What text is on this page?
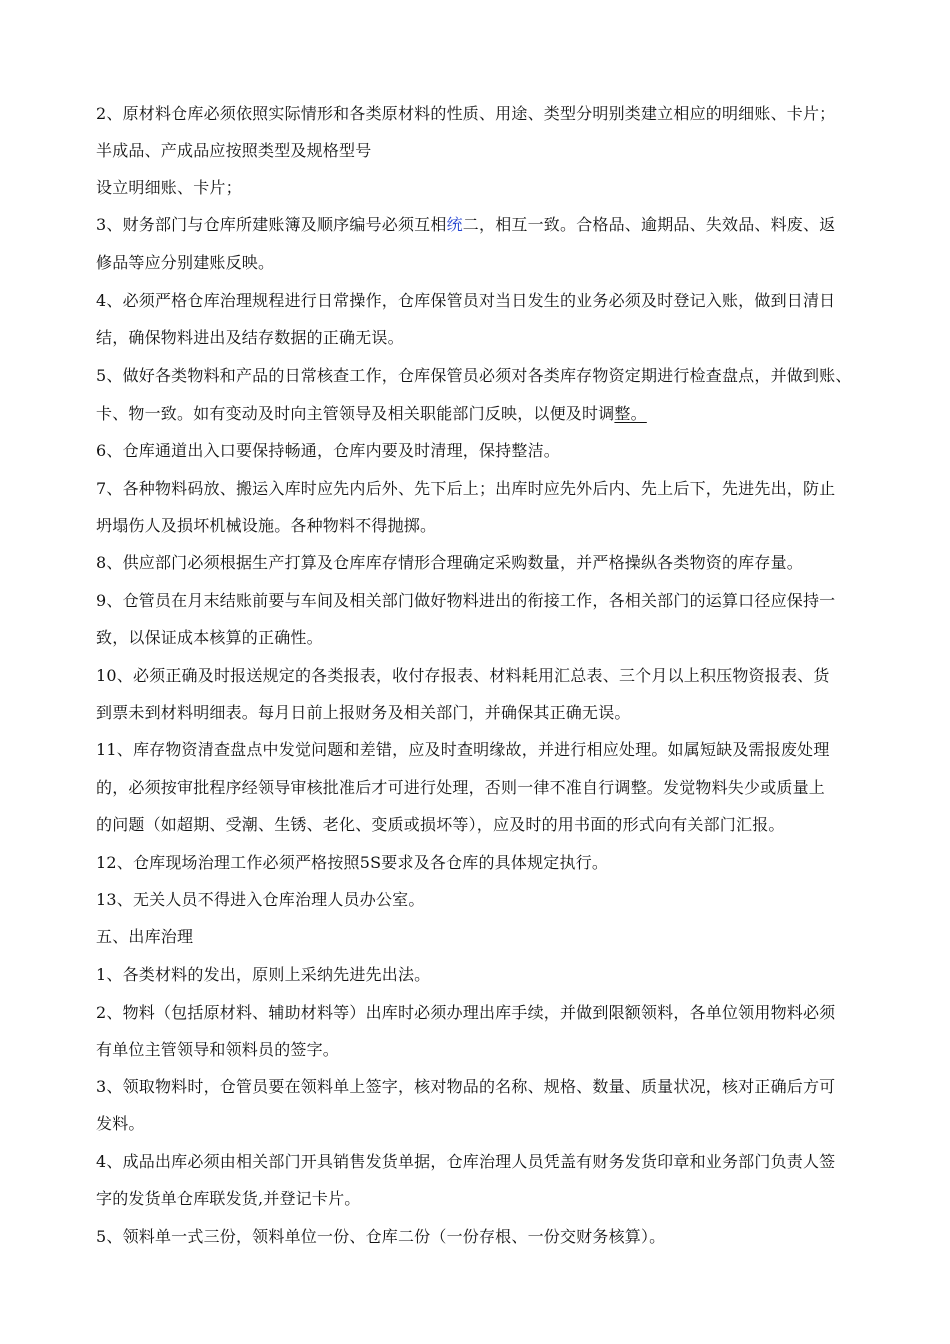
2、原材料仓库必须依照实际情形和各类原材料的性质、用途、类型分明别类建立相应的明细账、卡片；

半成品、产成品应按照类型及规格型号

设立明细账、卡片；

3、财务部门与仓库所建账簿及顺序编号必须互相统二，相互一致。合格品、逾期品、失效品、料废、返

修品等应分别建账反映。

4、必须严格仓库治理规程进行日常操作，仓库保管员对当日发生的业务必须及时登记入账，做到日清日

结，确保物料进出及结存数据的正确无误。

5、做好各类物料和产品的日常核查工作，仓库保管员必须对各类库存物资定期进行检查盘点，并做到账、

卡、物一致。如有变动及时向主管领导及相关职能部门反映，以便及时调整。

6、仓库通道出入口要保持畅通，仓库内要及时清理，保持整洁。

7、各种物料码放、搬运入库时应先内后外、先下后上；出库时应先外后内、先上后下，先进先出，防止

坍塌伤人及损坏机械设施。各种物料不得抛掷。

8、供应部门必须根据生产打算及仓库库存情形合理确定采购数量，并严格操纵各类物资的库存量。

9、仓管员在月末结账前要与车间及相关部门做好物料进出的衔接工作，各相关部门的运算口径应保持一

致，以保证成本核算的正确性。

10、必须正确及时报送规定的各类报表，收付存报表、材料耗用汇总表、三个月以上积压物资报表、货

到票未到材料明细表。每月日前上报财务及相关部门，并确保其正确无误。

11、库存物资清查盘点中发觉问题和差错，应及时查明缘故，并进行相应处理。如属短缺及需报废处理

的，必须按审批程序经领导审核批准后才可进行处理，否则一律不准自行调整。发觉物料失少或质量上

的问题（如超期、受潮、生锈、老化、变质或损坏等），应及时的用书面的形式向有关部门汇报。

12、仓库现场治理工作必须严格按照5S要求及各仓库的具体规定执行。

13、无关人员不得进入仓库治理人员办公室。

五、出库治理

1、各类材料的发出，原则上采纳先进先出法。

2、物料（包括原材料、辅助材料等）出库时必须办理出库手续，并做到限额领料，各单位领用物料必须

有单位主管领导和领料员的签字。

3、领取物料时，仓管员要在领料单上签字，核对物品的名称、规格、数量、质量状况，核对正确后方可

发料。

4、成品出库必须由相关部门开具销售发货单据，仓库治理人员凭盖有财务发货印章和业务部门负责人签

字的发货单仓库联发货,并登记卡片。

5、领料单一式三份，领料单位一份、仓库二份（一份存根、一份交财务核算）。
